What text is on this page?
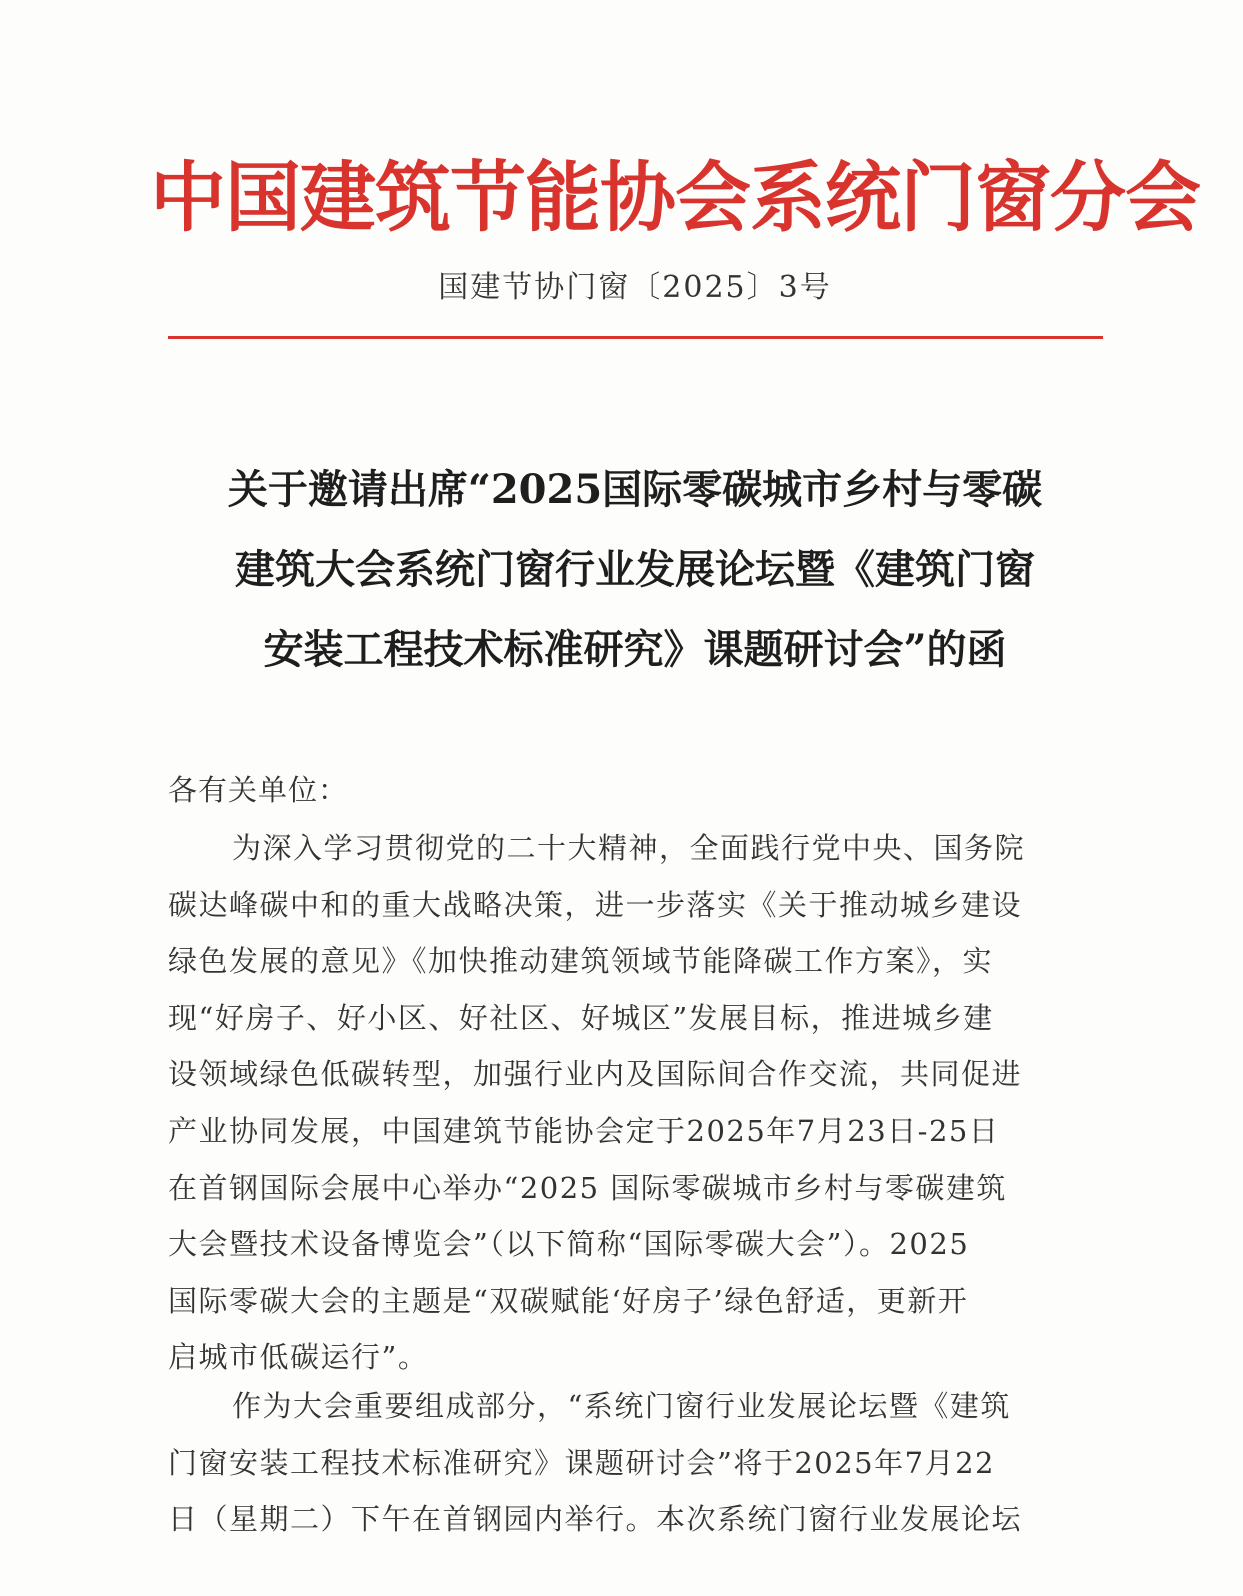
中国建筑节能协会系统门窗分会
国建节协门窗〔2025〕3号
关于邀请出席“2025国际零碳城市乡村与零碳
建筑大会系统门窗行业发展论坛暨《建筑门窗
安装工程技术标准研究》课题研讨会”的函
各有关单位：
为深入学习贯彻党的二十大精神，全面践行党中央、国务院
碳达峰碳中和的重大战略决策，进一步落实《关于推动城乡建设
绿色发展的意见》《加快推动建筑领域节能降碳工作方案》，实
现“好房子、好小区、好社区、好城区”发展目标，推进城乡建
设领域绿色低碳转型，加强行业内及国际间合作交流，共同促进
产业协同发展，中国建筑节能协会定于2025年7月23日-25日
在首钢国际会展中心举办“2025 国际零碳城市乡村与零碳建筑
大会暨技术设备博览会”（以下简称“国际零碳大会”）。2025
国际零碳大会的主题是“双碳赋能‘好房子’绿色舒适，更新开
启城市低碳运行”。
作为大会重要组成部分，“系统门窗行业发展论坛暨《建筑
门窗安装工程技术标准研究》课题研讨会”将于2025年7月22
日（星期二）下午在首钢园内举行。本次系统门窗行业发展论坛
